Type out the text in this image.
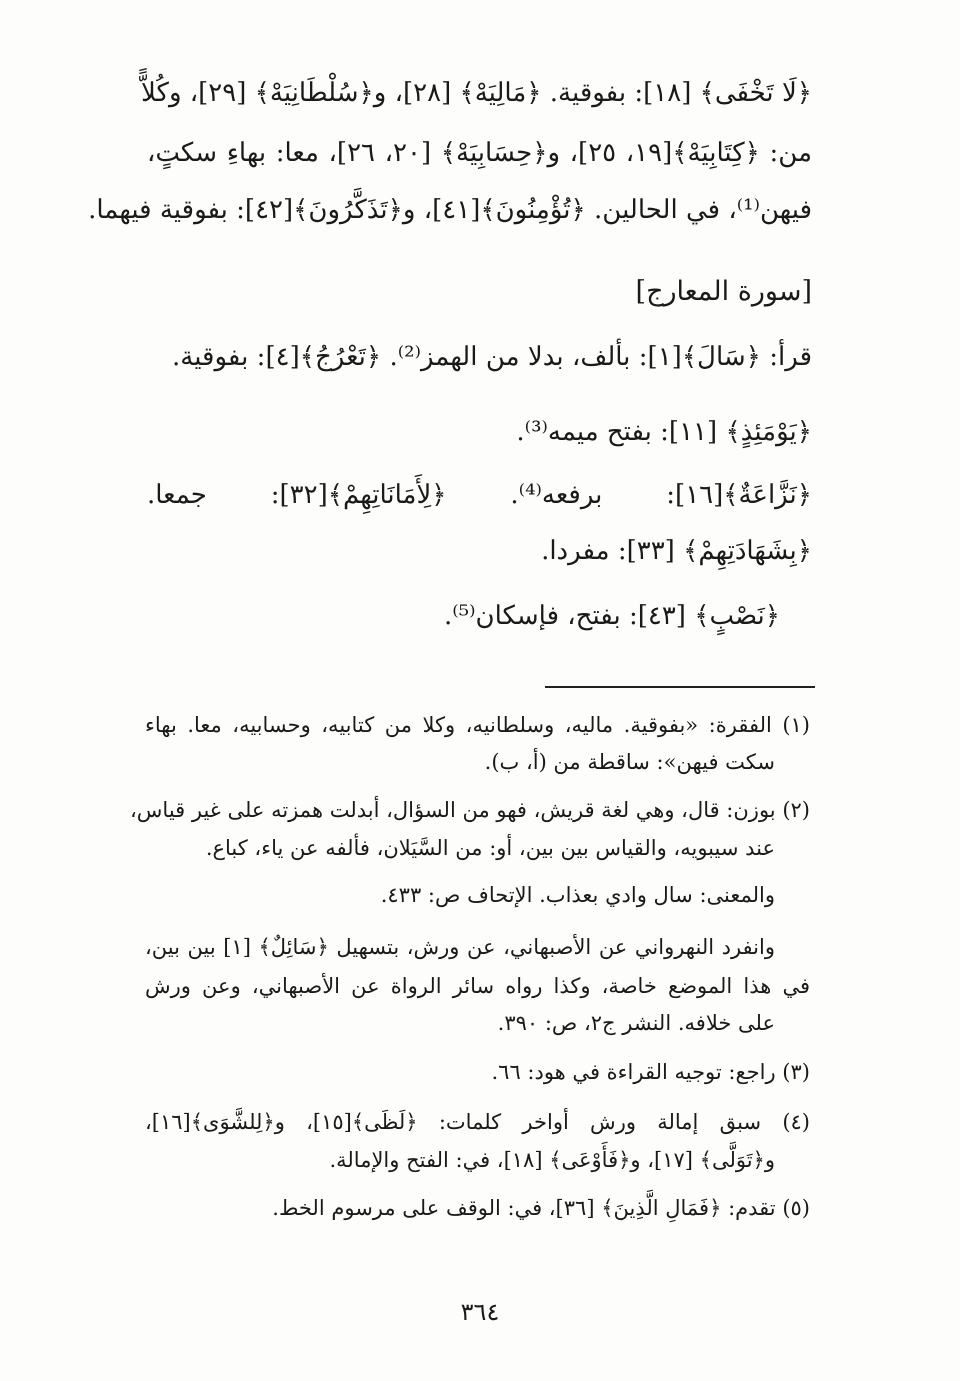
﴿لَا تَخْفَى﴾ [١٨]: بفوقية. ﴿مَالِيَهْ﴾ [٢٨]، و﴿سُلْطَانِيَهْ﴾ [٢٩]، وكُلاًّ
من: ﴿كِتَابِيَهْ﴾[١٩، ٢٥]، و﴿حِسَابِيَهْ﴾ [٢٠، ٢٦]، معا: بهاءِ سكتٍ،
فيهن⁽¹⁾، في الحالين. ﴿تُؤْمِنُونَ﴾[٤١]، و﴿تَذَكَّرُونَ﴾[٤٢]: بفوقية فيهما.
[سورة المعارج]
قرأ: ﴿سَالَ﴾[١]: بألف، بدلا من الهمز⁽²⁾. ﴿تَعْرُجُ﴾[٤]: بفوقية.
﴿يَوْمَئِذٍ﴾ [١١]: بفتح ميمه⁽³⁾.
﴿نَزَّاعَةٌ﴾[١٦]: برفعه⁽⁴⁾. ﴿لِأَمَانَاتِهِمْ﴾[٣٢]: جمعا.
﴿بِشَهَادَتِهِمْ﴾ [٣٣]: مفردا.
﴿نَصْبٍ﴾ [٤٣]: بفتح، فإسكان⁽⁵⁾.
(١) الفقرة: «بفوقية. ماليه، وسلطانيه، وكلا من كتابيه، وحسابيه، معا. بهاء
سكت فيهن»: ساقطة من (أ، ب).
(٢) بوزن: قال، وهي لغة قريش، فهو من السؤال، أبدلت همزته على غير قياس،
عند سيبويه، والقياس بين بين، أو: من السَّيَلان، فألفه عن ياء، كباع.
والمعنى: سال وادي بعذاب. الإتحاف ص: ٤٣٣.
وانفرد النهرواني عن الأصبهاني، عن ورش، بتسهيل ﴿سَائِلٌ﴾ [١] بين بين،
في هذا الموضع خاصة، وكذا رواه سائر الرواة عن الأصبهاني، وعن ورش
على خلافه. النشر ج٢، ص: ٣٩٠.
(٣) راجع: توجيه القراءة في هود: ٦٦.
(٤) سبق إمالة ورش أواخر كلمات: ﴿لَظَى﴾[١٥]، و﴿لِلشَّوَى﴾[١٦]،
و﴿تَوَلَّى﴾ [١٧]، و﴿فَأَوْعَى﴾ [١٨]، في: الفتح والإمالة.
(٥) تقدم: ﴿فَمَالِ الَّذِينَ﴾ [٣٦]، في: الوقف على مرسوم الخط.
٣٦٤
